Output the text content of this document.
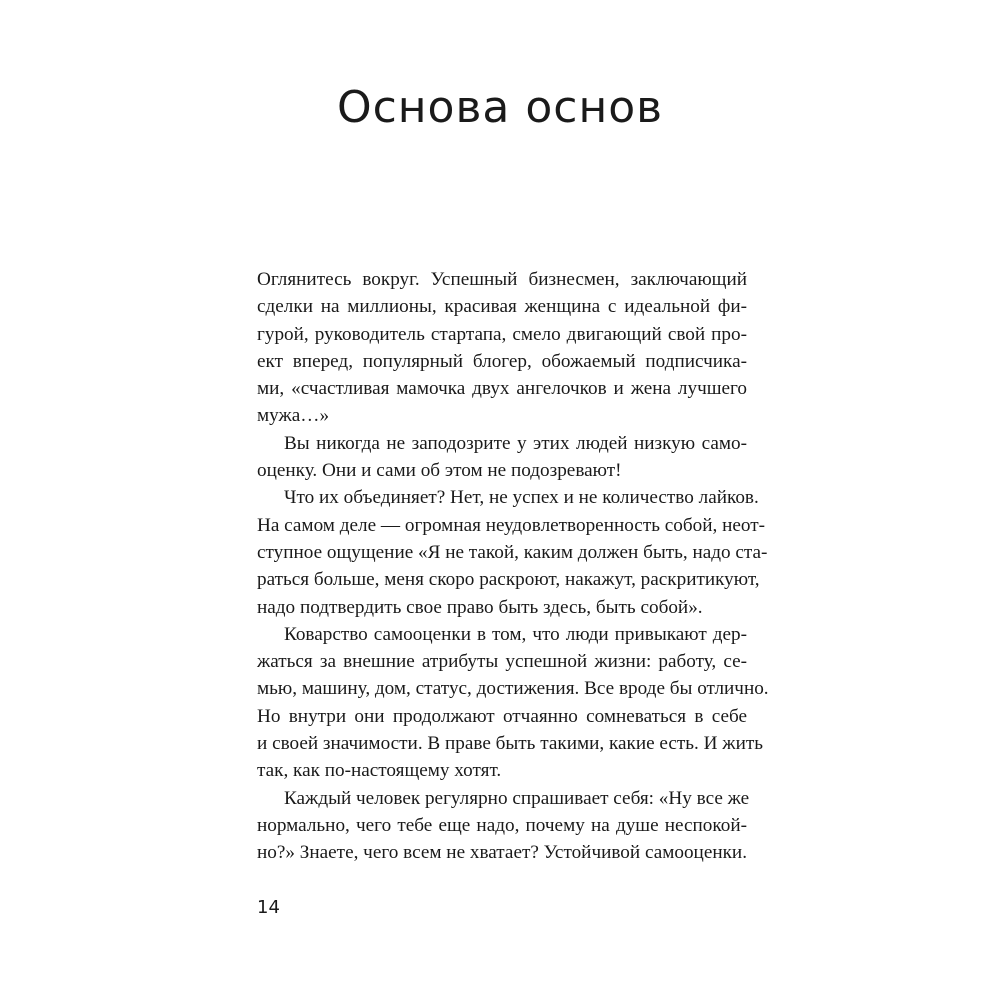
Основа основ
Оглянитесь вокруг. Успешный бизнесмен, заключающий
сделки на миллионы, красивая женщина с идеальной фи-
гурой, руководитель стартапа, смело двигающий свой про-
ект вперед, популярный блогер, обожаемый подписчика-
ми, «счастливая мамочка двух ангелочков и жена лучшего
мужа…»
Вы никогда не заподозрите у этих людей низкую само-
оценку. Они и сами об этом не подозревают!
Что их объединяет? Нет, не успех и не количество лайков.
На самом деле — огромная неудовлетворенность собой, неот-
ступное ощущение «Я не такой, каким должен быть, надо ста-
раться больше, меня скоро раскроют, накажут, раскритикуют,
надо подтвердить свое право быть здесь, быть собой».
Коварство самооценки в том, что люди привыкают дер-
жаться за внешние атрибуты успешной жизни: работу, се-
мью, машину, дом, статус, достижения. Все вроде бы отлично.
Но внутри они продолжают отчаянно сомневаться в себе
и своей значимости. В праве быть такими, какие есть. И жить
так, как по-настоящему хотят.
Каждый человек регулярно спрашивает себя: «Ну все же
нормально, чего тебе еще надо, почему на душе неспокой-
но?» Знаете, чего всем не хватает? Устойчивой самооценки.
14
